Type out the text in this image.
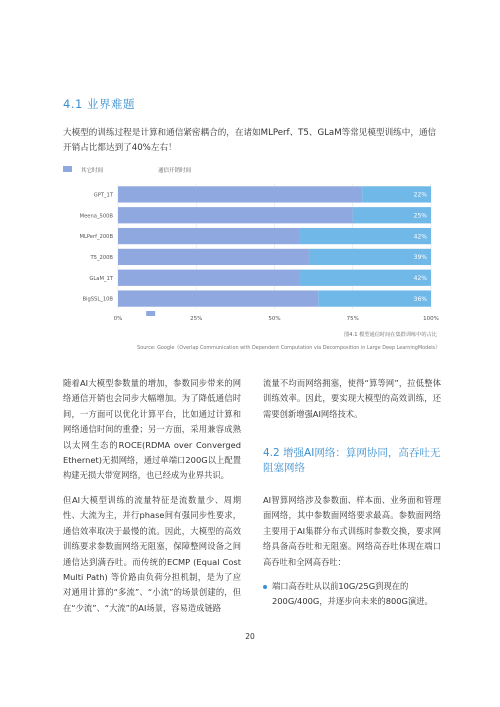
4.1 业界难题
大模型的训练过程是计算和通信紧密耦合的，在诸如MLPerf、T5、GLaM等常见模型训练中，通信开销占比都达到了40%左右！
其它时间	通信开销时间
0%	25%	50%	75%	100%
GPT_1T	22%
Meena_500B	25%
MLPerf_200B	42%
T5_200B	39%
GLaM_1T	42%
BigSSL_10B	36%
图4.1 模型通信时间在集群训练中的占比
Source: Google《Overlap Communication with Dependent Computation via Decomposition in Large Deep LearningModels》
随着AI大模型参数量的增加，参数同步带来的网络通信开销也会同步大幅增加。为了降低通信时间，一方面可以优化计算平台，比如通过计算和网络通信时间的重叠；另一方面，采用兼容成熟以太网生态的ROCE(RDMA over Converged Ethernet)无损网络，通过单端口200G以上配置构建无损大带宽网络，也已经成为业界共识。
但AI大模型训练的流量特征是流数量少、周期性、大流为主，并行phase间有强同步性要求，通信效率取决于最慢的流。因此，大模型的高效训练要求参数面网络无阻塞，保障整网设备之间通信达到满吞吐。而传统的ECMP (Equal Cost Multi Path) 等价路由负荷分担机制，是为了应对通用计算的“多流”、“小流”的场景创建的，但在“少流”、“大流”的AI场景，容易造成链路
流量不均而网络拥塞，使得“算等网”，拉低整体训练效率。因此，要实现大模型的高效训练，还需要创新增强AI网络技术。
4.2 增强AI网络：算网协同，高吞吐无阻塞网络
AI智算网络涉及参数面、样本面、业务面和管理面网络，其中参数面网络要求最高。参数面网络主要用于AI集群分布式训练时参数交换，要求网络具备高吞吐和无阻塞。网络高吞吐体现在端口高吞吐和全网高吞吐：
端口高吞吐从以前10G/25G到现在的200G/400G，并逐步向未来的800G演进。
20
